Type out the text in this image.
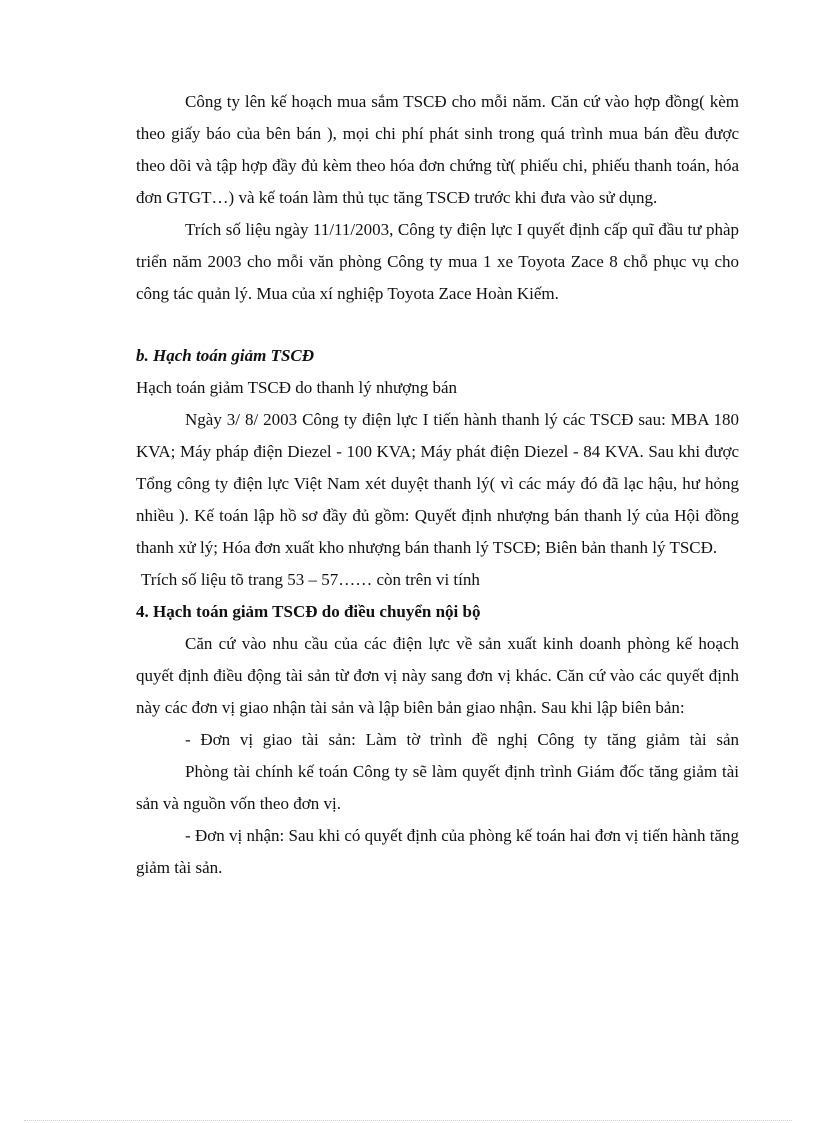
Công ty lên kế hoạch mua sắm TSCĐ cho mỗi năm. Căn cứ vào hợp đồng( kèm theo giấy báo của bên bán ), mọi chi phí phát sinh trong quá trình mua bán đều được theo dõi và tập hợp đầy đủ kèm theo hóa đơn chứng từ( phiếu chi, phiếu thanh toán, hóa đơn GTGT…) và kế toán làm thủ tục tăng TSCĐ trước khi đưa vào sử dụng.

Trích số liệu ngày 11/11/2003, Công ty điện lực I quyết định cấp quĩ đầu tư phàp triển năm 2003 cho mỗi văn phòng Công ty mua 1 xe Toyota Zace 8 chỗ phục vụ cho công tác quản lý. Mua của xí nghiệp Toyota Zace Hoàn Kiếm.

b. Hạch toán giảm TSCĐ

Hạch toán giảm TSCĐ do thanh lý nhượng bán

Ngày 3/ 8/ 2003 Công ty điện lực I tiến hành thanh lý các TSCĐ sau: MBA 180 KVA; Máy pháp điện Diezel - 100 KVA; Máy phát điện Diezel - 84 KVA. Sau khi được Tổng công ty điện lực Việt Nam xét duyệt thanh lý( vì các máy đó đã lạc hậu, hư hỏng nhiều ). Kế toán lập hồ sơ đầy đủ gồm: Quyết định nhượng bán thanh lý của Hội đồng thanh xử lý; Hóa đơn xuất kho nhượng bán thanh lý TSCĐ; Biên bản thanh lý TSCĐ.

Trích số liệu tõ trang 53 – 57…… còn trên vi tính

4. Hạch toán giảm TSCĐ do điều chuyển nội bộ

Căn cứ vào nhu cầu của các điện lực về sản xuất kinh doanh phòng kế hoạch quyết định điều động tài sản từ đơn vị này sang đơn vị khác. Căn cứ vào các quyết định này các đơn vị giao nhận tài sản và lập biên bản giao nhận. Sau khi lập biên bản:

- Đơn vị giao tài sản: Làm tờ trình đề nghị Công ty tăng giảm tài sản

Phòng tài chính kế toán Công ty sẽ làm quyết định trình Giám đốc tăng giảm tài sản và nguồn vốn theo đơn vị.

- Đơn vị nhận: Sau khi có quyết định của phòng kế toán hai đơn vị tiến hành tăng giảm tài sản.
